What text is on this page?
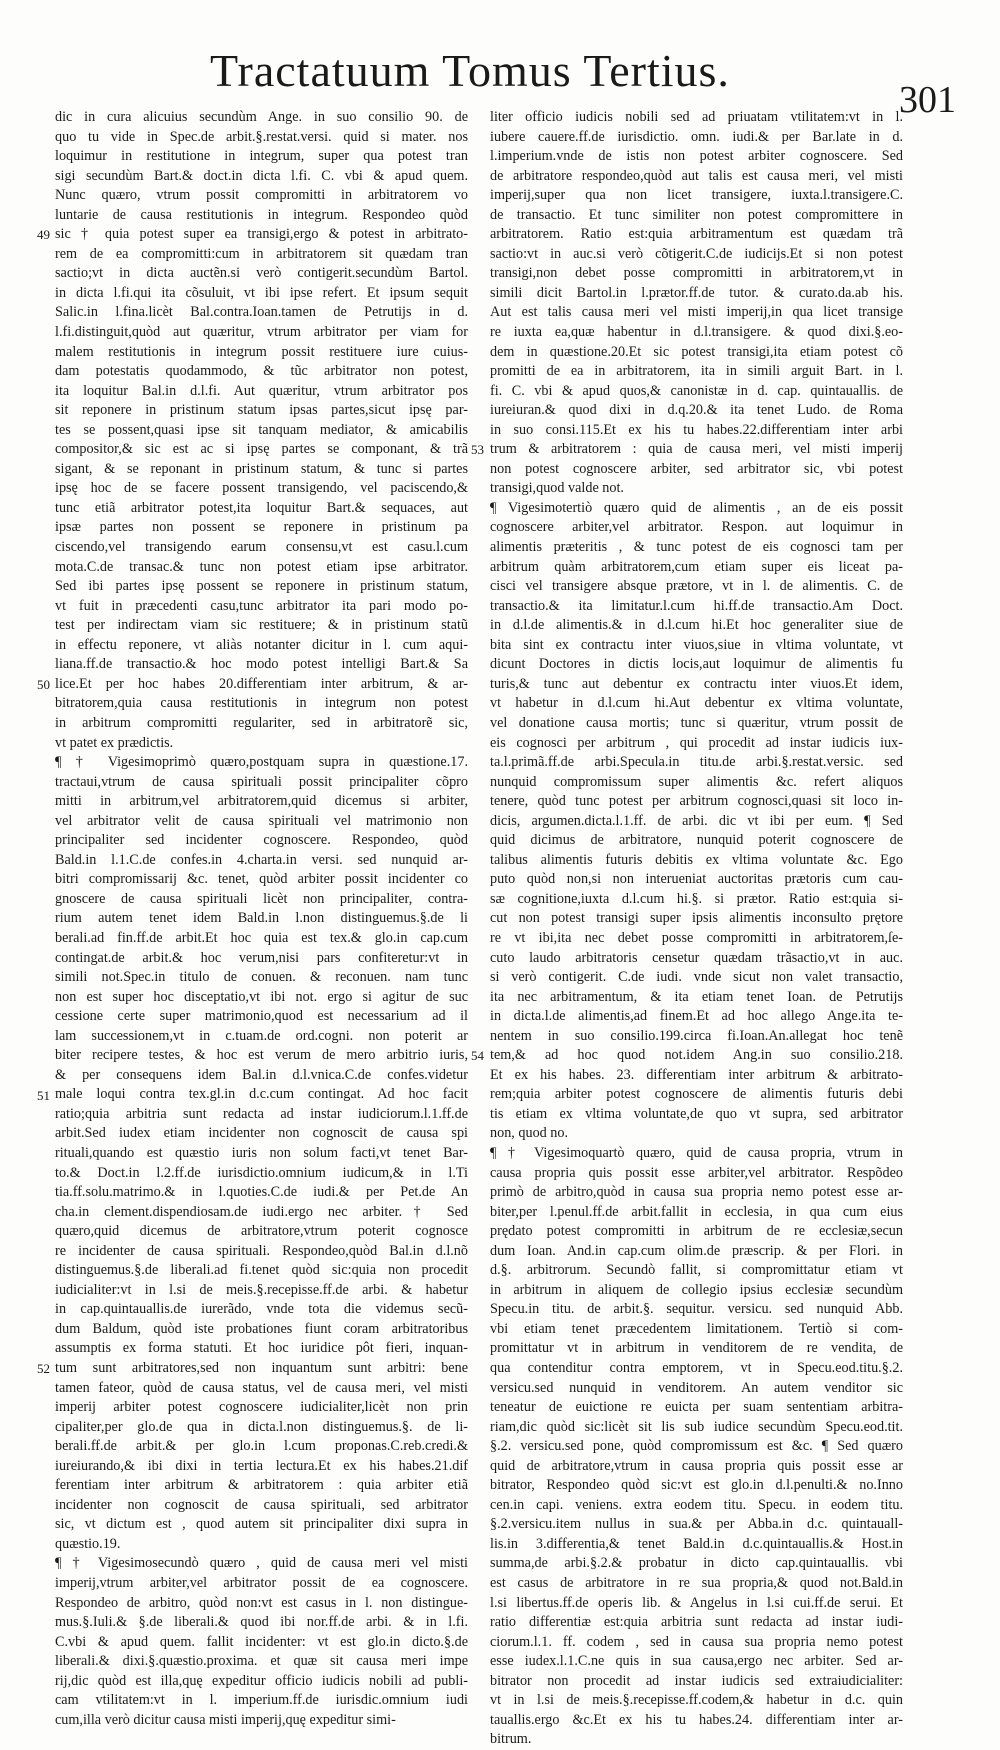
Tractatuum Tomus Tertius.
301
dic in cura alicuius secundùm Ange. in suo consilio 90. de
quo tu vide in Spec.de arbit.§.restat.versi. quid si mater. nos
loquimur in restitutione in integrum, super qua potest tran
sigi secundùm Bart.& doct.in dicta l.fi. C. vbi & apud quem.
Nunc quæro, vtrum possit compromitti in arbitratorem vo
luntarie de causa restitutionis in integrum. Respondeo quòd
sic † quia potest super ea transigi,ergo & potest in arbitrato-
rem de ea compromitti:cum in arbitratorem sit quædam tran
sactio;vt in dicta auctẽn.si verò contigerit.secundùm Bartol.
in dicta l.fi.qui ita cõsuluit, vt ibi ipse refert. Et ipsum sequit
Salic.in l.fina.licèt Bal.contra.Ioan.tamen de Petrutijs in d.
l.fi.distinguit,quòd aut quæritur, vtrum arbitrator per viam for
malem restitutionis in integrum possit restituere iure cuius-
dam potestatis quodammodo, & tũc arbitrator non potest,
ita loquitur Bal.in d.l.fi. Aut quæritur, vtrum arbitrator pos
sit reponere in pristinum statum ipsas partes,sicut ipsę par-
tes se possent,quasi ipse sit tanquam mediator, & amicabilis
compositor,& sic est ac si ipsę partes se componant, & trã
sigant, & se reponant in pristinum statum, & tunc si partes
ipsę hoc de se facere possent transigendo, vel paciscendo,&
tunc etiã arbitrator potest,ita loquitur Bart.& sequaces, aut
ipsæ partes non possent se reponere in pristinum pa
ciscendo,vel transigendo earum consensu,vt est casu.l.cum
mota.C.de transac.& tunc non potest etiam ipse arbitrator.
Sed ibi partes ipsę possent se reponere in pristinum statum,
vt fuit in præcedenti casu,tunc arbitrator ita pari modo po-
test per indirectam viam sic restituere; & in pristinum statũ
in effectu reponere, vt aliàs notanter dicitur in l. cum aqui-
liana.ff.de transactio.& hoc modo potest intelligi Bart.& Sa
lice.Et per hoc habes 20.differentiam inter arbitrum, & ar-
bitratorem,quia causa restitutionis in integrum non potest
in arbitrum compromitti regulariter, sed in arbitratorẽ sic,
vt patet ex prædictis.
¶ † Vigesimoprimò quæro,postquam supra in quæstione.17.
tractaui,vtrum de causa spirituali possit principaliter cõpro
mitti in arbitrum,vel arbitratorem,quid dicemus si arbiter,
vel arbitrator velit de causa spirituali vel matrimonio non
principaliter sed incidenter cognoscere. Respondeo, quòd
Bald.in l.1.C.de confes.in 4.charta.in versi. sed nunquid ar-
bitri compromissarij &c. tenet, quòd arbiter possit incidenter co
gnoscere de causa spirituali licèt non principaliter, contra-
rium autem tenet idem Bald.in l.non distinguemus.§.de li
berali.ad fin.ff.de arbit.Et hoc quia est tex.& glo.in cap.cum
contingat.de arbit.& hoc verum,nisi pars confiteretur:vt in
simili not.Spec.in titulo de conuen. & reconuen. nam tunc
non est super hoc disceptatio,vt ibi not. ergo si agitur de suc
cessione certe super matrimonio,quod est necessarium ad il
lam successionem,vt in c.tuam.de ord.cogni. non poterit ar
biter recipere testes, & hoc est verum de mero arbitrio iuris,
& per consequens idem Bal.in d.l.vnica.C.de confes.videtur
male loqui contra tex.gl.in d.c.cum contingat. Ad hoc facit
ratio;quia arbitria sunt redacta ad instar iudiciorum.l.1.ff.de
arbit.Sed iudex etiam incidenter non cognoscit de causa spi
rituali,quando est quæstio iuris non solum facti,vt tenet Bar-
to.& Doct.in l.2.ff.de iurisdictio.omnium iudicum,& in l.Ti
tia.ff.solu.matrimo.& in l.quoties.C.de iudi.& per Pet.de An
cha.in clement.dispendiosam.de iudi.ergo nec arbiter.† Sed
quæro,quid dicemus de arbitratore,vtrum poterit cognosce
re incidenter de causa spirituali. Respondeo,quòd Bal.in d.l.nõ
distinguemus.§.de liberali.ad fi.tenet quòd sic:quia non procedit
iudicialiter:vt in l.si de meis.§.recepisse.ff.de arbi. & habetur
in cap.quintauallis.de iurerãdo, vnde tota die videmus secũ-
dum Baldum, quòd iste probationes fiunt coram arbitratoribus
assumptis ex forma statuti. Et hoc iuridice pôt fieri, inquan-
tum sunt arbitratores,sed non inquantum sunt arbitri: bene
tamen fateor, quòd de causa status, vel de causa meri, vel misti
imperij arbiter potest cognoscere iudicialiter,licèt non prin
cipaliter,per glo.de qua in dicta.l.non distinguemus.§. de li-
berali.ff.de arbit.& per glo.in l.cum proponas.C.reb.credi.&
iureiurando,& ibi dixi in tertia lectura.Et ex his habes.21.dif
ferentiam inter arbitrum & arbitratorem : quia arbiter etiã
incidenter non cognoscit de causa spirituali, sed arbitrator
sic, vt dictum est , quod autem sit principaliter dixi supra in
quæstio.19.
¶ † Vigesimosecundò quæro , quid de causa meri vel misti
imperij,vtrum arbiter,vel arbitrator possit de ea cognoscere.
Respondeo de arbitro, quòd non:vt est casus in l. non distingue-
mus.§.Iuli.& §.de liberali.& quod ibi nor.ff.de arbi. & in l.fi.
C.vbi & apud quem. fallit incidenter: vt est glo.in dicto.§.de
liberali.& dixi.§.quæstio.proxima. et quæ sit causa meri impe
rij,dic quòd est illa,quę expeditur officio iudicis nobili ad publi-
cam vtilitatem:vt in l. imperium.ff.de iurisdic.omnium iudi
cum,illa verò dicitur causa misti imperij,quę expeditur simi-
liter officio iudicis nobili sed ad priuatam vtilitatem:vt in l.
iubere cauere.ff.de iurisdictio. omn. iudi.& per Bar.late in d.
l.imperium.vnde de istis non potest arbiter cognoscere. Sed
de arbitratore respondeo,quòd aut talis est causa meri, vel misti
imperij,super qua non licet transigere, iuxta.l.transigere.C.
de transactio. Et tunc similiter non potest compromittere in
arbitratorem. Ratio est:quia arbitramentum est quædam trã
sactio:vt in auc.si verò cõtigerit.C.de iudicijs.Et si non potest
transigi,non debet posse compromitti in arbitratorem,vt in
simili dicit Bartol.in l.prætor.ff.de tutor. & curato.da.ab his.
Aut est talis causa meri vel misti imperij,in qua licet transige
re iuxta ea,quæ habentur in d.l.transigere. & quod dixi.§.eo-
dem in quæstione.20.Et sic potest transigi,ita etiam potest cõ
promitti de ea in arbitratorem, ita in simili arguit Bart. in l.
fi. C. vbi & apud quos,& canonistæ in d. cap. quintauallis. de
iureiuran.& quod dixi in d.q.20.& ita tenet Ludo. de Roma
in suo consi.115.Et ex his tu habes.22.differentiam inter arbi
trum & arbitratorem : quia de causa meri, vel misti imperij
non potest cognoscere arbiter, sed arbitrator sic, vbi potest
transigi,quod valde not.
¶ Vigesimotertiò quæro quid de alimentis , an de eis possit
cognoscere arbiter,vel arbitrator. Respon. aut loquimur in
alimentis præteritis , & tunc potest de eis cognosci tam per
arbitrum quàm arbitratorem,cum etiam super eis liceat pa-
cisci vel transigere absque prætore, vt in l. de alimentis. C. de
transactio.& ita limitatur.l.cum hi.ff.de transactio.Am Doct.
in d.l.de alimentis.& in d.l.cum hi.Et hoc generaliter siue de
bita sint ex contractu inter viuos,siue in vltima voluntate, vt
dicunt Doctores in dictis locis,aut loquimur de alimentis fu
turis,& tunc aut debentur ex contractu inter viuos.Et idem,
vt habetur in d.l.cum hi.Aut debentur ex vltima voluntate,
vel donatione causa mortis; tunc si quæritur, vtrum possit de
eis cognosci per arbitrum , qui procedit ad instar iudicis iux-
ta.l.primã.ff.de arbi.Specula.in titu.de arbi.§.restat.versic. sed
nunquid compromissum super alimentis &c. refert aliquos
tenere, quòd tunc potest per arbitrum cognosci,quasi sit loco in-
dicis, argumen.dicta.l.1.ff. de arbi. dic vt ibi per eum. ¶ Sed
quid dicimus de arbitratore, nunquid poterit cognoscere de
talibus alimentis futuris debitis ex vltima voluntate &c. Ego
puto quòd non,si non interueniat auctoritas prætoris cum cau-
sæ cognitione,iuxta d.l.cum hi.§. si prætor. Ratio est:quia si-
cut non potest transigi super ipsis alimentis inconsulto prętore
re vt ibi,ita nec debet posse compromitti in arbitratorem,ſe-
cuto laudo arbitratoris censetur quædam trãsactio,vt in auc.
si verò contigerit. C.de iudi. vnde sicut non valet transactio,
ita nec arbitramentum, & ita etiam tenet Ioan. de Petrutijs
in dicta.l.de alimentis,ad finem.Et ad hoc allego Ange.ita te-
nentem in suo consilio.199.circa fi.Ioan.An.allegat hoc tenẽ
tem,& ad hoc quod not.idem Ang.in suo consilio.218.
Et ex his habes. 23. differentiam inter arbitrum & arbitrato-
rem;quia arbiter potest cognoscere de alimentis futuris debi
tis etiam ex vltima voluntate,de quo vt supra, sed arbitrator
non, quod no.
¶ † Vigesimoquartò quæro, quid de causa propria, vtrum in
causa propria quis possit esse arbiter,vel arbitrator. Respõdeo
primò de arbitro,quòd in causa sua propria nemo potest esse ar-
biter,per l.penul.ff.de arbit.fallit in ecclesia, in qua cum eius
prędato potest compromitti in arbitrum de re ecclesiæ,secun
dum Ioan. And.in cap.cum olim.de præscrip. & per Flori. in
d.§. arbitrorum. Secundò fallit, si compromittatur etiam vt
in arbitrum in aliquem de collegio ipsius ecclesiæ secundùm
Specu.in titu. de arbit.§. sequitur. versicu. sed nunquid Abb.
vbi etiam tenet præcedentem limitationem. Tertiò si com-
promittatur vt in arbitrum in venditorem de re vendita, de
qua contenditur contra emptorem, vt in Specu.eod.titu.§.2.
versicu.sed nunquid in venditorem. An autem venditor sic
teneatur de euictione re euicta per suam sententiam arbitra-
riam,dic quòd sic:licèt sit lis sub iudice secundùm Specu.eod.tit.
§.2. versicu.sed pone, quòd compromissum est &c. ¶ Sed quæro
quid de arbitratore,vtrum in causa propria quis possit esse ar
bitrator, Respondeo quòd sic:vt est glo.in d.l.penulti.& no.Inno
cen.in capi. veniens. extra eodem titu. Specu. in eodem titu.
§.2.versicu.item nullus in sua.& per Abba.in d.c. quintauall-
lis.in 3.differentia,& tenet Bald.in d.c.quintauallis.& Host.in
summa,de arbi.§.2.& probatur in dicto cap.quintauallis. vbi
est casus de arbitratore in re sua propria,& quod not.Bald.in
l.si libertus.ff.de operis lib. & Angelus in l.si cui.ff.de serui. Et
ratio differentiæ est:quia arbitria sunt redacta ad instar iudi-
ciorum.l.1. ff. codem , sed in causa sua propria nemo potest
esse iudex.l.1.C.ne quis in sua causa,ergo nec arbiter. Sed ar-
bitrator non procedit ad instar iudicis sed extraiudicialiter:
vt in l.si de meis.§.recepisse.ff.codem,& habetur in d.c. quin
tauallis.ergo &c.Et ex his tu habes.24. differentiam inter ar-
bitrum.
49
50
51
52
53
54
